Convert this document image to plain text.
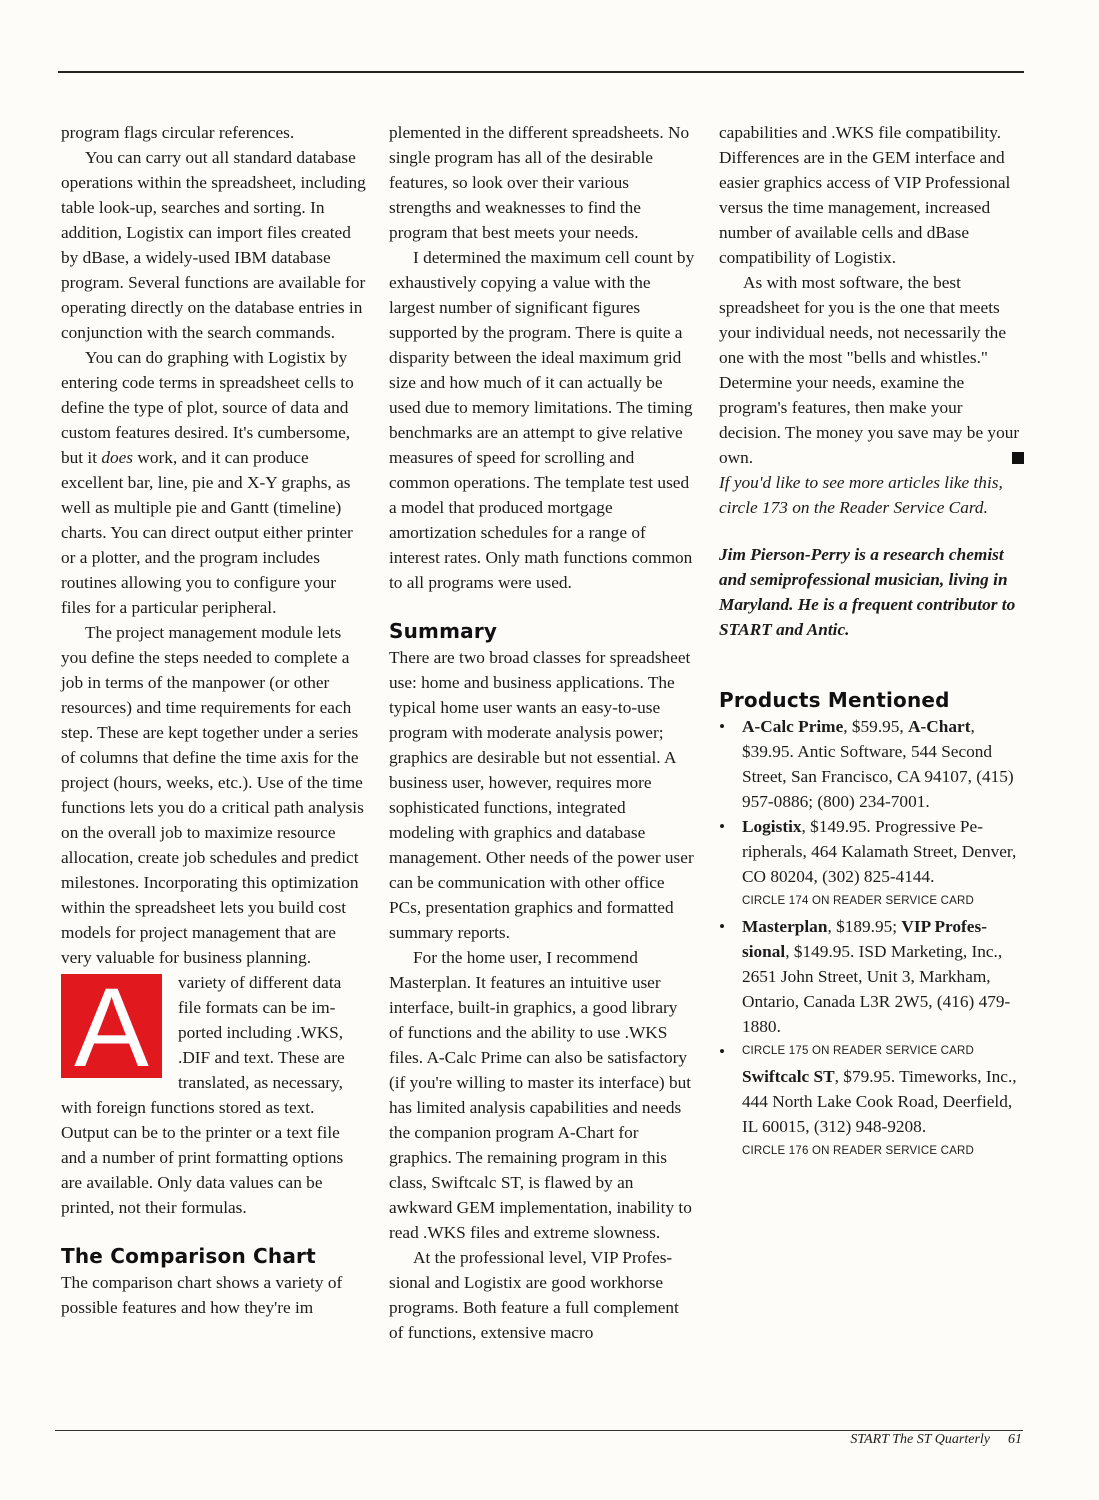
program flags circular references.

You can carry out all standard database operations within the spreadsheet, including table look-up, searches and sorting. In addition, Logistix can import files created by dBase, a widely-used IBM database program. Several functions are available for operating directly on the database entries in conjunction with the search commands.

You can do graphing with Logistix by entering code terms in spreadsheet cells to define the type of plot, source of data and custom features desired. It's cumbersome, but it does work, and it can produce excellent bar, line, pie and X-Y graphs, as well as multiple pie and Gantt (timeline) charts. You can direct output either printer or a plotter, and the program includes routines allowing you to configure your files for a particular peripheral.

The project management module lets you define the steps needed to complete a job in terms of the manpower (or other resources) and time requirements for each step. These are kept together under a series of columns that define the time axis for the project (hours, weeks, etc.). Use of the time functions lets you do a critical path analysis on the overall job to maximize resource allocation, create job schedules and predict milestones. Incorporating this optimization within the spreadsheet lets you build cost models for project management that are very valuable for business planning.

A	variety of different data file formats can be imported including .WKS, .DIF and text. These are translated, as necessary, with foreign functions stored as text. Output can be to the printer or a text file and a number of print formatting options are available. Only data values can be printed, not their formulas.

The Comparison Chart

The comparison chart shows a variety of possible features and how they're im

plemented in the different spreadsheets. No single program has all of the desirable features, so look over their various strengths and weaknesses to find the program that best meets your needs.

I determined the maximum cell count by exhaustively copying a value with the largest number of significant figures supported by the program. There is quite a disparity between the ideal maximum grid size and how much of it can actually be used due to memory limitations. The timing benchmarks are an attempt to give relative measures of speed for scrolling and common operations. The template test used a model that produced mortgage amortization schedules for a range of interest rates. Only math functions common to all programs were used.

Summary

There are two broad classes for spreadsheet use: home and business applications. The typical home user wants an easy-to-use program with moderate analysis power; graphics are desirable but not essential. A business user, however, requires more sophisticated functions, integrated modeling with graphics and database management. Other needs of the power user can be communication with other office PCs, presentation graphics and formatted summary reports.

For the home user, I recommend Masterplan. It features an intuitive user interface, built-in graphics, a good library of functions and the ability to use .WKS files. A-Calc Prime can also be satisfactory (if you're willing to master its interface) but has limited analysis capabilities and needs the companion program A-Chart for graphics. The remaining program in this class, Swiftcalc ST, is flawed by an awkward GEM implementation, inability to read .WKS files and extreme slowness.

At the professional level, VIP Professional and Logistix are good workhorse programs. Both feature a full complement of functions, extensive macro

capabilities and .WKS file compatibility. Differences are in the GEM interface and easier graphics access of VIP Professional versus the time management, increased number of available cells and dBase compatibility of Logistix.

As with most software, the best spreadsheet for you is the one that meets your individual needs, not necessarily the one with the most "bells and whistles." Determine your needs, examine the program's features, then make your decision. The money you save may be your own.

If you'd like to see more articles like this, circle 173 on the Reader Service Card.

Jim Pierson-Perry is a research chemist and semiprofessional musician, living in Maryland. He is a frequent contributor to START and Antic.

Products Mentioned
• A-Calc Prime, $59.95, A-Chart, $39.95. Antic Software, 544 Second Street, San Francisco, CA 94107, (415) 957-0886; (800) 234-7001.
• Logistix, $149.95. Progressive Peripherals, 464 Kalamath Street, Denver, CO 80204, (302) 825-4144.
CIRCLE 174 ON READER SERVICE CARD
• Masterplan, $189.95; VIP Professional, $149.95. ISD Marketing, Inc., 2651 John Street, Unit 3, Markham, Ontario, Canada L3R 2W5, (416) 479-1880.
• CIRCLE 175 ON READER SERVICE CARD
Swiftcalc ST, $79.95. Timeworks, Inc., 444 North Lake Cook Road, Deerfield, IL 60015, (312) 948-9208.
CIRCLE 176 ON READER SERVICE CARD
START The ST Quarterly 61
